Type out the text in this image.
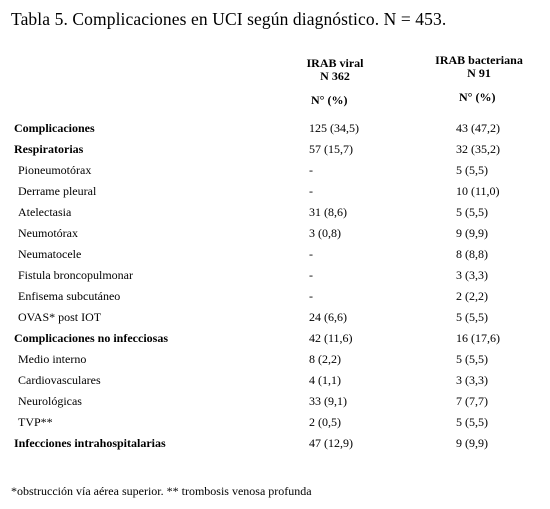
Tabla 5. Complicaciones en UCI según diagnóstico. N = 453.
IRAB viral
N 362
IRAB bacteriana
N 91
N° (%)	N° (%)
Complicaciones	125 (34,5)	43 (47,2)
Respiratorias	57 (15,7)	32 (35,2)
Pioneumotórax	-	5 (5,5)
Derrame pleural	-	10 (11,0)
Atelectasia	31 (8,6)	5 (5,5)
Neumotórax	3 (0,8)	9 (9,9)
Neumatocele	-	8 (8,8)
Fistula broncopulmonar	-	3 (3,3)
Enfisema subcutáneo	-	2 (2,2)
OVAS* post IOT	24 (6,6)	5 (5,5)
Complicaciones no infecciosas	42 (11,6)	16 (17,6)
Medio interno	8 (2,2)	5 (5,5)
Cardiovasculares	4 (1,1)	3 (3,3)
Neurológicas	33 (9,1)	7 (7,7)
TVP**	2 (0,5)	5 (5,5)
Infecciones intrahospitalarias	47 (12,9)	9 (9,9)
*obstrucción vía aérea superior. ** trombosis venosa profunda
